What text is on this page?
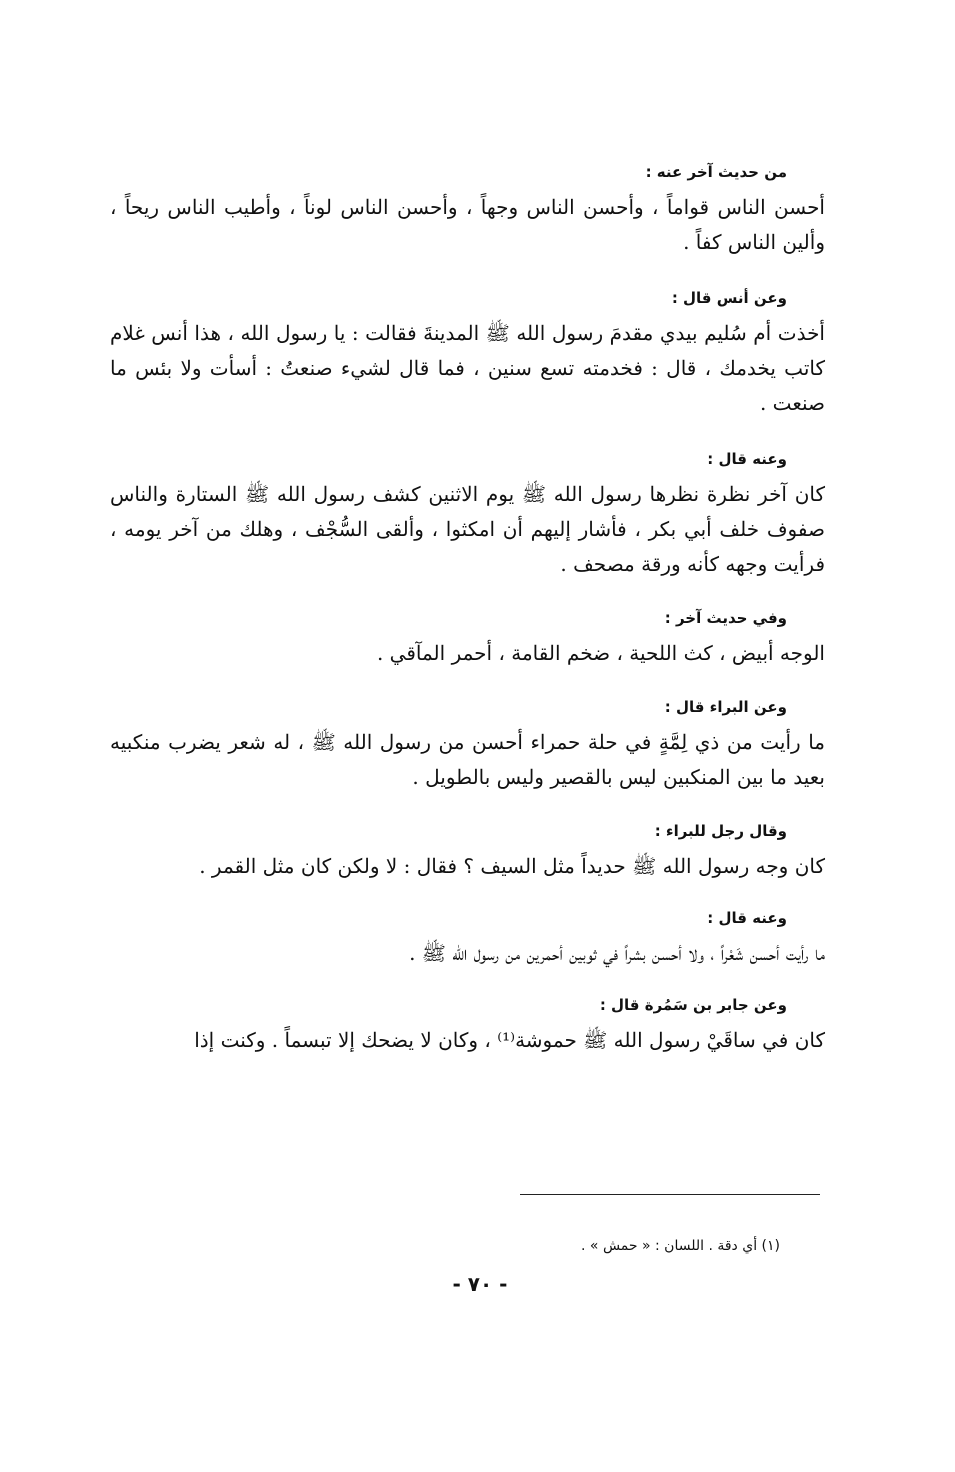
من حديث آخر عنه :

أحسن الناس قواماً ، وأحسن الناس وجهاً ، وأحسن الناس لوناً ، وأطيب الناس ريحاً ، وألين الناس كفاً .

وعن أنس قال :

أخذت أم سُليم بيدي مقدمَ رسول الله ﷺ المدينةَ فقالت : يا رسول الله ، هذا أنس غلام كاتب يخدمك ، قال : فخدمته تسع سنين ، فما قال لشيء صنعتُ : أسأت ولا بئس ما صنعت .

وعنه قال :

كان آخر نظرة نظرها رسول الله ﷺ يوم الاثنين كشف رسول الله ﷺ الستارة والناس صفوف خلف أبي بكر ، فأشار إليهم أن امكثوا ، وألقى السُّجْف ، وهلك من آخر يومه ، فرأيت وجهه كأنه ورقة مصحف .

وفي حديث آخر :

الوجه أبيض ، كث اللحية ، ضخم القامة ، أحمر المآقي .

وعن البراء قال :

ما رأيت من ذي لِمَّةٍ في حلة حمراء أحسن من رسول الله ﷺ ، له شعر يضرب منكبيه بعيد ما بين المنكبين ليس بالقصير وليس بالطويل .

وقال رجل للبراء :

كان وجه رسول الله ﷺ حديداً مثل السيف ؟ فقال : لا ولكن كان مثل القمر .

وعنه قال :

ما رأيت أحسن شَعْراً ، ولا أحسن بشراً في ثوبين أحمرين من رسول الله ﷺ .

وعن جابر بن سَمُرة قال :

كان في ساقَيْ رسول الله ﷺ حموشة⁽¹⁾ ، وكان لا يضحك إلا تبسماً . وكنت إذا

(١) أي دقة . اللسان : « حمش » .

- ٧٠ -
